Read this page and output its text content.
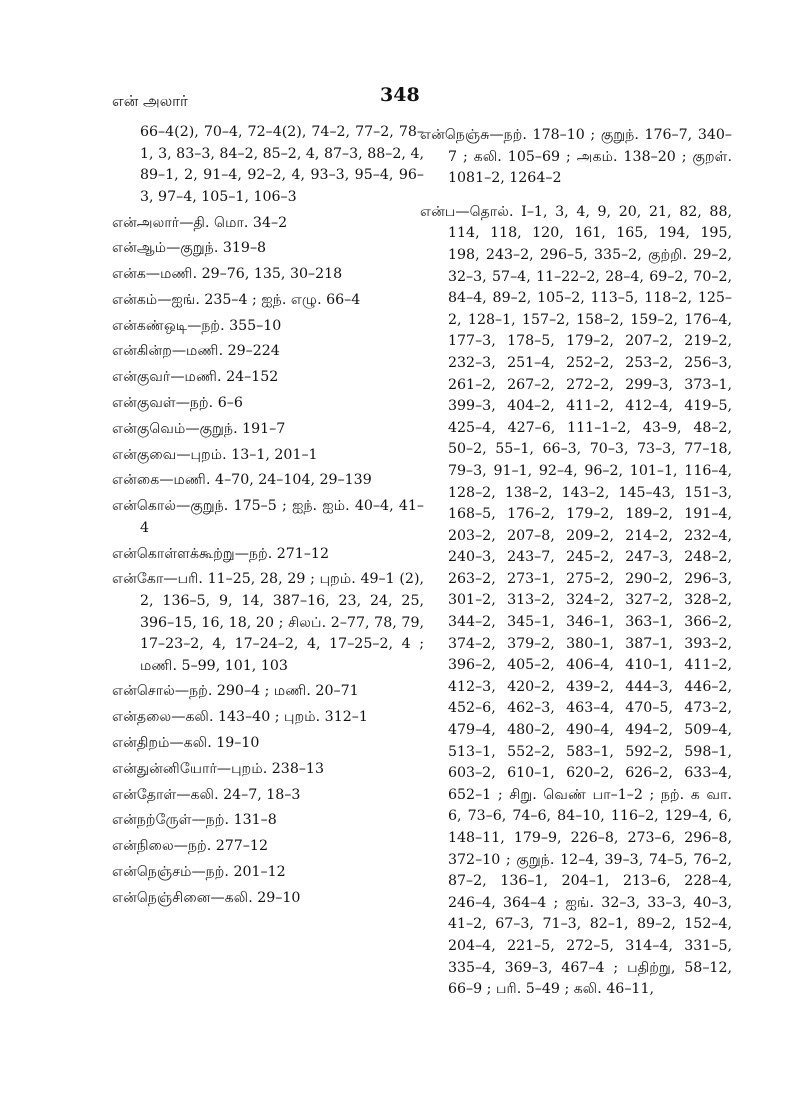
என் அலார்	348

66–4(2), 70–4, 72–4(2), 74–2, 77–2, 78–1, 3, 83–3, 84–2, 85–2, 4, 87–3, 88–2, 4, 89–1, 2, 91–4, 92–2, 4, 93–3, 95–4, 96–3, 97–4, 105–1, 106–3

என்அலார்—தி. மொ. 34–2

என்ஆம்—குறுந். 319–8

என்க—மணி. 29–76, 135, 30–218

என்கம்—ஐங். 235–4 ; ஐந். எழு. 66–4

என்கண்ஒடி—நற். 355–10

என்கின்ற—மணி. 29–224

என்குவர்—மணி. 24–152

என்குவள்—நற். 6–6

என்குவெம்—குறுந். 191–7

என்குவை—புறம். 13–1, 201–1

என்கை—மணி. 4–70, 24–104, 29–139

என்கொல்—குறுந். 175–5 ; ஐந். ஐம். 40–4, 41–4

என்கொள்ளக்கூற்று—நற். 271–12

என்கோ—பரி. 11–25, 28, 29 ; புறம். 49–1 (2), 2, 136–5, 9, 14, 387–16, 23, 24, 25, 396–15, 16, 18, 20 ; சிலப். 2–77, 78, 79, 17–23–2, 4, 17–24–2, 4, 17–25–2, 4 ; மணி. 5–99, 101, 103

என்சொல்—நற். 290–4 ; மணி. 20–71

என்தலை—கலி. 143–40 ; புறம். 312–1

என்திறம்—கலி. 19–10

என்துன்னியோர்—புறம். 238–13

என்தோள்—கலி. 24–7, 18–3

என்நற்ருேள்—நற். 131–8

என்நிலை—நற். 277–12

என்நெஞ்சம்—நற். 201–12

என்நெஞ்சினை—கலி. 29–10

என்நெஞ்சு—நற். 178–10 ; குறுந். 176–7, 340–7 ; கலி. 105–69 ; அகம். 138–20 ; குறள். 1081–2, 1264–2

என்ப—தொல். I–1, 3, 4, 9, 20, 21, 82, 88, 114, 118, 120, 161, 165, 194, 195, 198, 243–2, 296–5, 335–2, குற்றி. 29–2, 32–3, 57–4, 11–22–2, 28–4, 69–2, 70–2, 84–4, 89–2, 105–2, 113–5, 118–2, 125–2, 128–1, 157–2, 158–2, 159–2, 176–4, 177–3, 178–5, 179–2, 207–2, 219–2, 232–3, 251–4, 252–2, 253–2, 256–3, 261–2, 267–2, 272–2, 299–3, 373–1, 399–3, 404–2, 411–2, 412–4, 419–5, 425–4, 427–6, 111–1–2, 43–9, 48–2, 50–2, 55–1, 66–3, 70–3, 73–3, 77–18, 79–3, 91–1, 92–4, 96–2, 101–1, 116–4, 128–2, 138–2, 143–2, 145–43, 151–3, 168–5, 176–2, 179–2, 189–2, 191–4, 203–2, 207–8, 209–2, 214–2, 232–4, 240–3, 243–7, 245–2, 247–3, 248–2, 263–2, 273–1, 275–2, 290–2, 296–3, 301–2, 313–2, 324–2, 327–2, 328–2, 344–2, 345–1, 346–1, 363–1, 366–2, 374–2, 379–2, 380–1, 387–1, 393–2, 396–2, 405–2, 406–4, 410–1, 411–2, 412–3, 420–2, 439–2, 444–3, 446–2, 452–6, 462–3, 463–4, 470–5, 473–2, 479–4, 480–2, 490–4, 494–2, 509–4, 513–1, 552–2, 583–1, 592–2, 598–1, 603–2, 610–1, 620–2, 626–2, 633–4, 652–1 ; சிறு. வெண் பா–1–2 ; நற். க வா. 6, 73–6, 74–6, 84–10, 116–2, 129–4, 6, 148–11, 179–9, 226–8, 273–6, 296–8, 372–10 ; குறுந். 12–4, 39–3, 74–5, 76–2, 87–2, 136–1, 204–1, 213–6, 228–4, 246–4, 364–4 ; ஐங். 32–3, 33–3, 40–3, 41–2, 67–3, 71–3, 82–1, 89–2, 152–4, 204–4, 221–5, 272–5, 314–4, 331–5, 335–4, 369–3, 467–4 ; பதிற்று, 58–12, 66–9 ; பரி. 5–49 ; கலி. 46–11,
